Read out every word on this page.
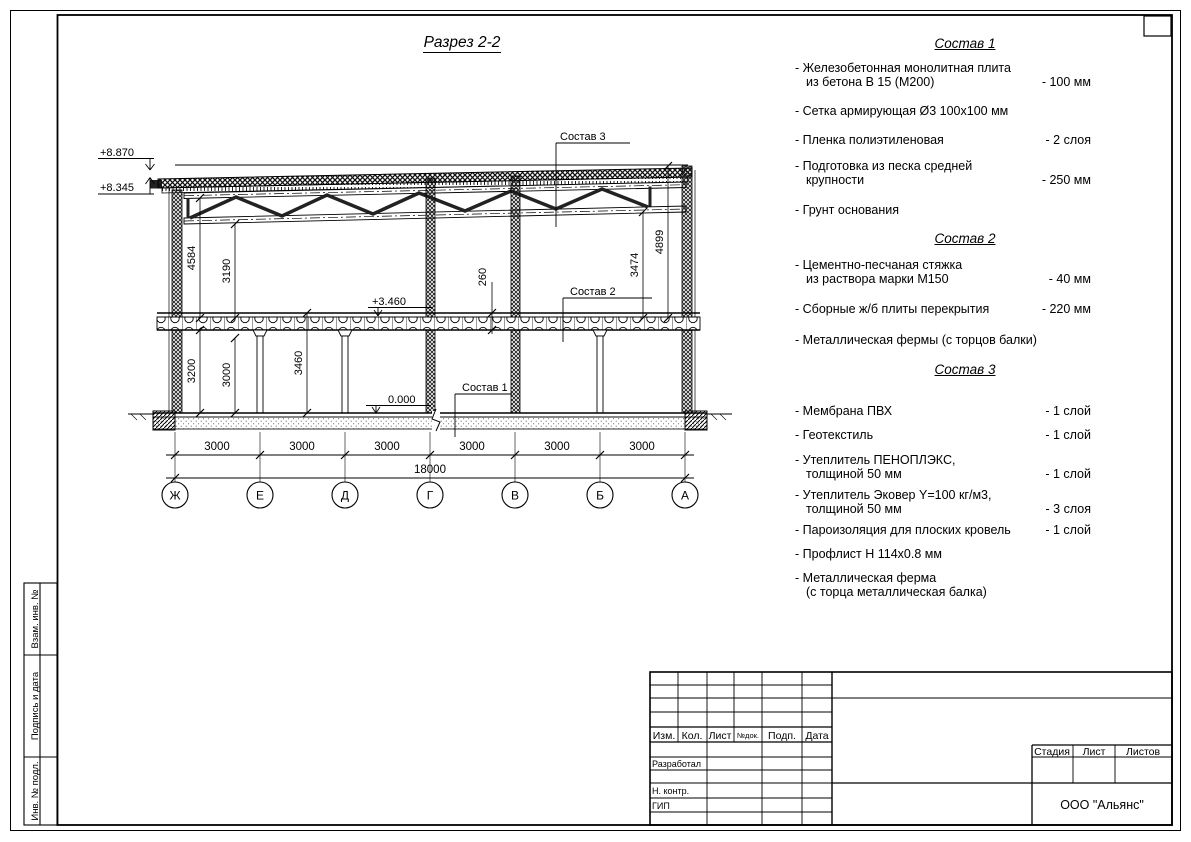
Взам. инв. №
Подпись и дата
Инв. № подл.
Изм. Кол. Лист №док. Подп. Дата
Разработал
Н. контр.
ГИП
Стадия Лист Листов
ООО "Альянс"
Разрез 2-2
+8.870
+8.345
+3.460
0.000
Состав 3
Состав 2
Состав 1
4584
3190
3200 3000	3460
260	3474
4899
3000	3000	3000	3000	3000	3000
18000
Ж	Е	Д	Г	В	Б	А
Состав 1
- Железобетонная монолитная плита
из бетона В 15 (М200)	- 100 мм
- Сетка армирующая Ø3 100х100 мм
- Пленка полиэтиленовая	- 2 слоя
- Подготовка из песка средней
крупности	- 250 мм
- Грунт основания
Состав 2
- Цементно-песчаная стяжка
из раствора марки М150	- 40 мм
- Сборные ж/б плиты перекрытия	- 220 мм
- Металлическая фермы (с торцов балки)
Состав 3
- Мембрана ПВХ	- 1 слой
- Геотекстиль	- 1 слой
- Утеплитель ПЕНОПЛЭКС,
толщиной 50 мм	- 1 слой
- Утеплитель Эковер Y=100 кг/м3,
толщиной 50 мм	- 3 слоя
- Пароизоляция для плоских кровель	- 1 слой
- Профлист Н 114х0.8 мм
- Металлическая ферма
(с торца металлическая балка)
